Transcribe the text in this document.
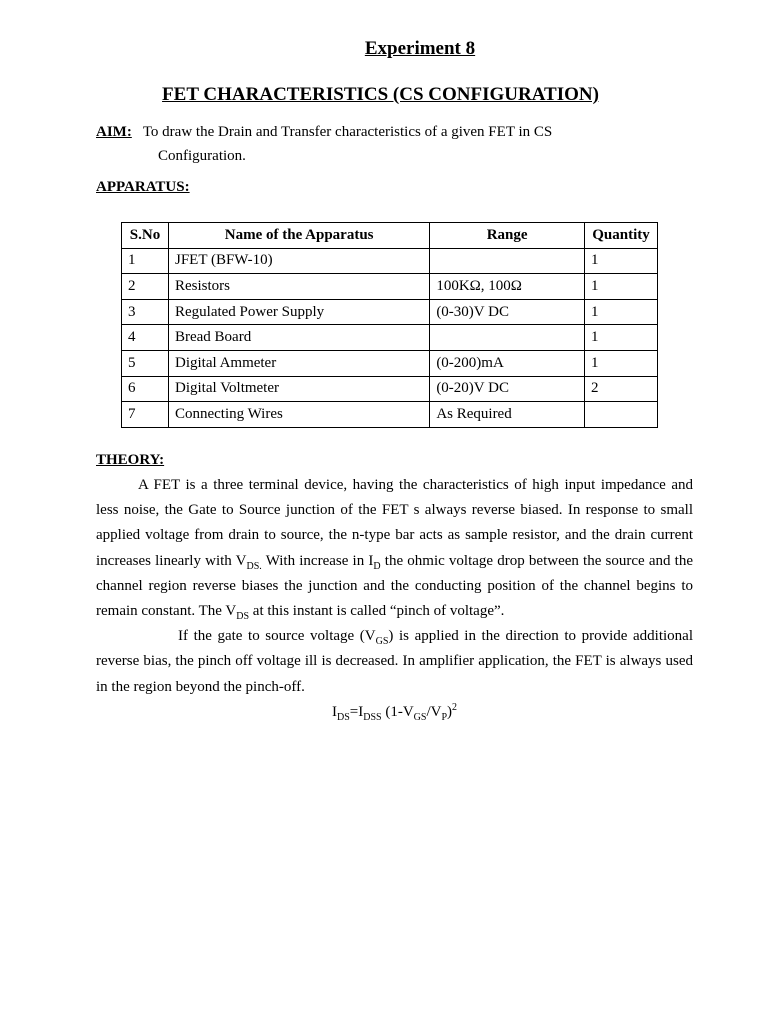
Experiment 8
FET CHARACTERISTICS (CS CONFIGURATION)
AIM: To draw the Drain and Transfer characteristics of a given FET in CS
Configuration.
APPARATUS:
S.No	Name of the Apparatus	Range	Quantity
1	JFET (BFW-10)		1
2	Resistors	100KΩ, 100Ω	1
3	Regulated Power Supply	(0-30)V DC	1
4	Bread Board		1
5	Digital Ammeter	(0-200)mA	1
6	Digital Voltmeter	(0-20)V DC	2
7	Connecting Wires	As Required	
THEORY:

A FET is a three terminal device, having the characteristics of high input impedance and less noise, the Gate to Source junction of the FET s always reverse biased. In response to small applied voltage from drain to source, the n-type bar acts as sample resistor, and the drain current increases linearly with $V_{DS.}$ With increase in $I_D$ the ohmic voltage drop between the source and the channel region reverse biases the junction and the conducting position of the channel begins to remain constant. The $V_{DS}$ at this instant is called “pinch of voltage”.

If the gate to source voltage $(V_{GS})$ is applied in the direction to provide additional reverse bias, the pinch off voltage ill is decreased. In amplifier application, the FET is always used in the region beyond the pinch-off.

$I_{DS}=I_{DSS}$ $(1-V_{GS}/V_P)^2$
